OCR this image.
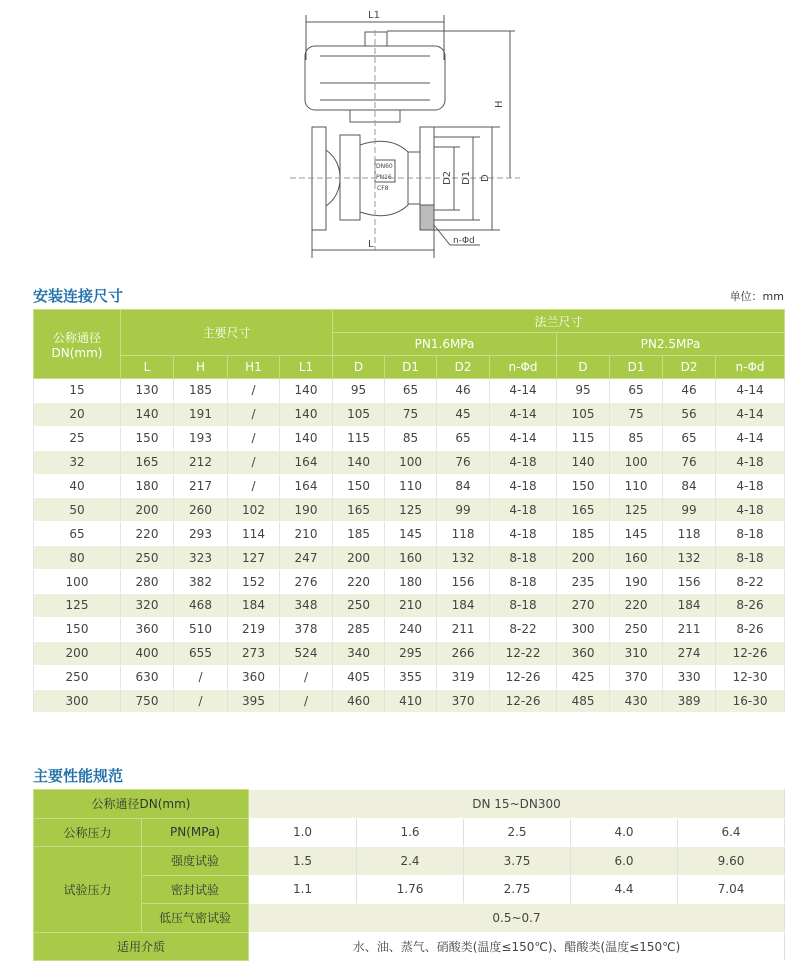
L1
H
DN60
PN16
CF8
D2 D1 D
L	n-Φd
安装连接尺寸	单位：mm
公称通径DN(mm)	主要尺寸				法兰尺寸							
					PN1.6MPa				PN2.5MPa			
	L	H	H1	L1	D	D1	D2	n-Φd	D	D1	D2	n-Φd
15	130	185	/	140	95	65	46	4-14	95	65	46	4-14
20	140	191	/	140	105	75	45	4-14	105	75	56	4-14
25	150	193	/	140	115	85	65	4-14	115	85	65	4-14
32	165	212	/	164	140	100	76	4-18	140	100	76	4-18
40	180	217	/	164	150	110	84	4-18	150	110	84	4-18
50	200	260	102	190	165	125	99	4-18	165	125	99	4-18
65	220	293	114	210	185	145	118	4-18	185	145	118	8-18
80	250	323	127	247	200	160	132	8-18	200	160	132	8-18
100	280	382	152	276	220	180	156	8-18	235	190	156	8-22
125	320	468	184	348	250	210	184	8-18	270	220	184	8-26
150	360	510	219	378	285	240	211	8-22	300	250	211	8-26
200	400	655	273	524	340	295	266	12-22	360	310	274	12-26
250	630	/	360	/	405	355	319	12-26	425	370	330	12-30
300	750	/	395	/	460	410	370	12-26	485	430	389	16-30
主要性能规范
公称通径DN(mm)		DN 15~DN300				
公称压力	PN(MPa)	1.0	1.6	2.5	4.0	6.4
试验压力	强度试验	1.5	2.4	3.75	6.0	9.60
	密封试验	1.1	1.76	2.75	4.4	7.04
	低压气密试验	0.5~0.7				
适用介质		水、油、蒸气、硝酸类(温度≤150℃)、醋酸类(温度≤150℃)				
